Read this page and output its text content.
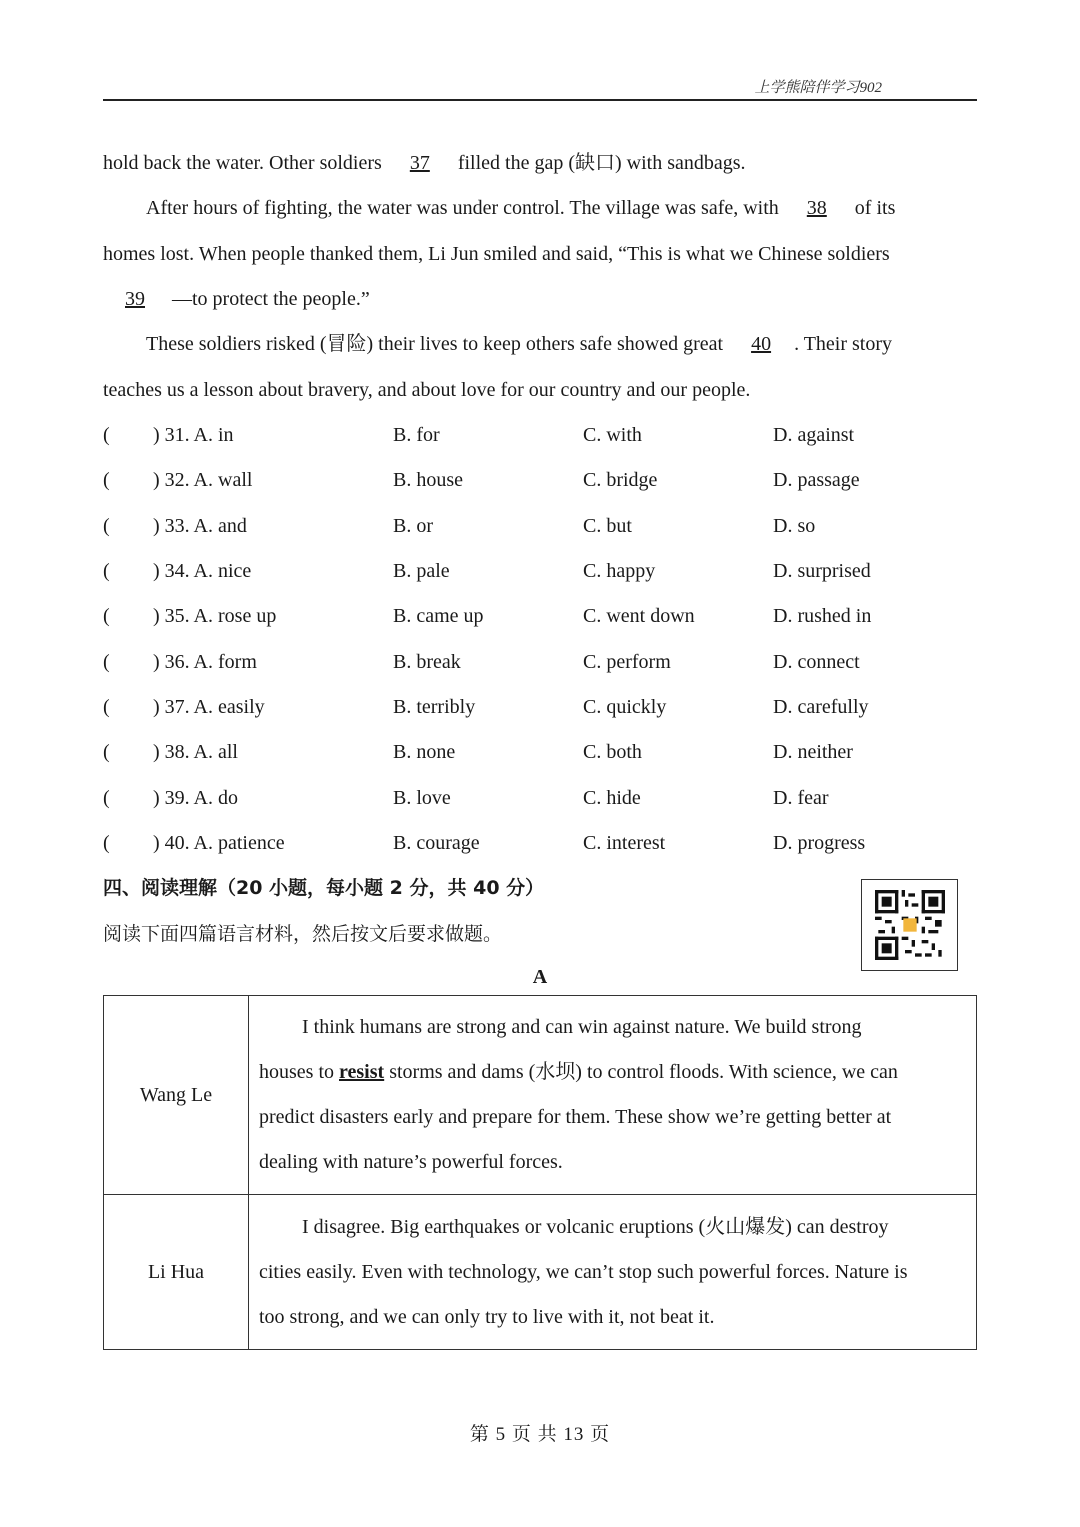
上学熊陪伴学习902
hold back the water. Other soldiers 37 filled the gap (缺口) with sandbags.
After hours of fighting, the water was under control. The village was safe, with 38 of its
homes lost. When people thanked them, Li Jun smiled and said, “This is what we Chinese soldiers
39 —to protect the people.”
These soldiers risked (冒险) their lives to keep others safe showed great 40 . Their story
teaches us a lesson about bravery, and about love for our country and our people.
( ) 31. A. in	B. for	C. with	D. against
( ) 32. A. wall	B. house	C. bridge	D. passage
( ) 33. A. and	B. or	C. but	D. so
( ) 34. A. nice	B. pale	C. happy	D. surprised
( ) 35. A. rose up	B. came up	C. went down	D. rushed in
( ) 36. A. form	B. break	C. perform	D. connect
( ) 37. A. easily	B. terribly	C. quickly	D. carefully
( ) 38. A. all	B. none	C. both	D. neither
( ) 39. A. do	B. love	C. hide	D. fear
( ) 40. A. patience	B. courage	C. interest	D. progress
四、阅读理解（20 小题，每小题 2 分，共 40 分）
阅读下面四篇语言材料，然后按文后要求做题。
A
Wang Le	I think humans are strong and can win against nature. We build strong
houses to resist storms and dams (水坝) to control floods. With science, we can
predict disasters early and prepare for them. These show we’re getting better at
dealing with nature’s powerful forces.

Li Hua	I disagree. Big earthquakes or volcanic eruptions (火山爆发) can destroy
cities easily. Even with technology, we can’t stop such powerful forces. Nature is
too strong, and we can only try to live with it, not beat it.
第 5 页 共 13 页
